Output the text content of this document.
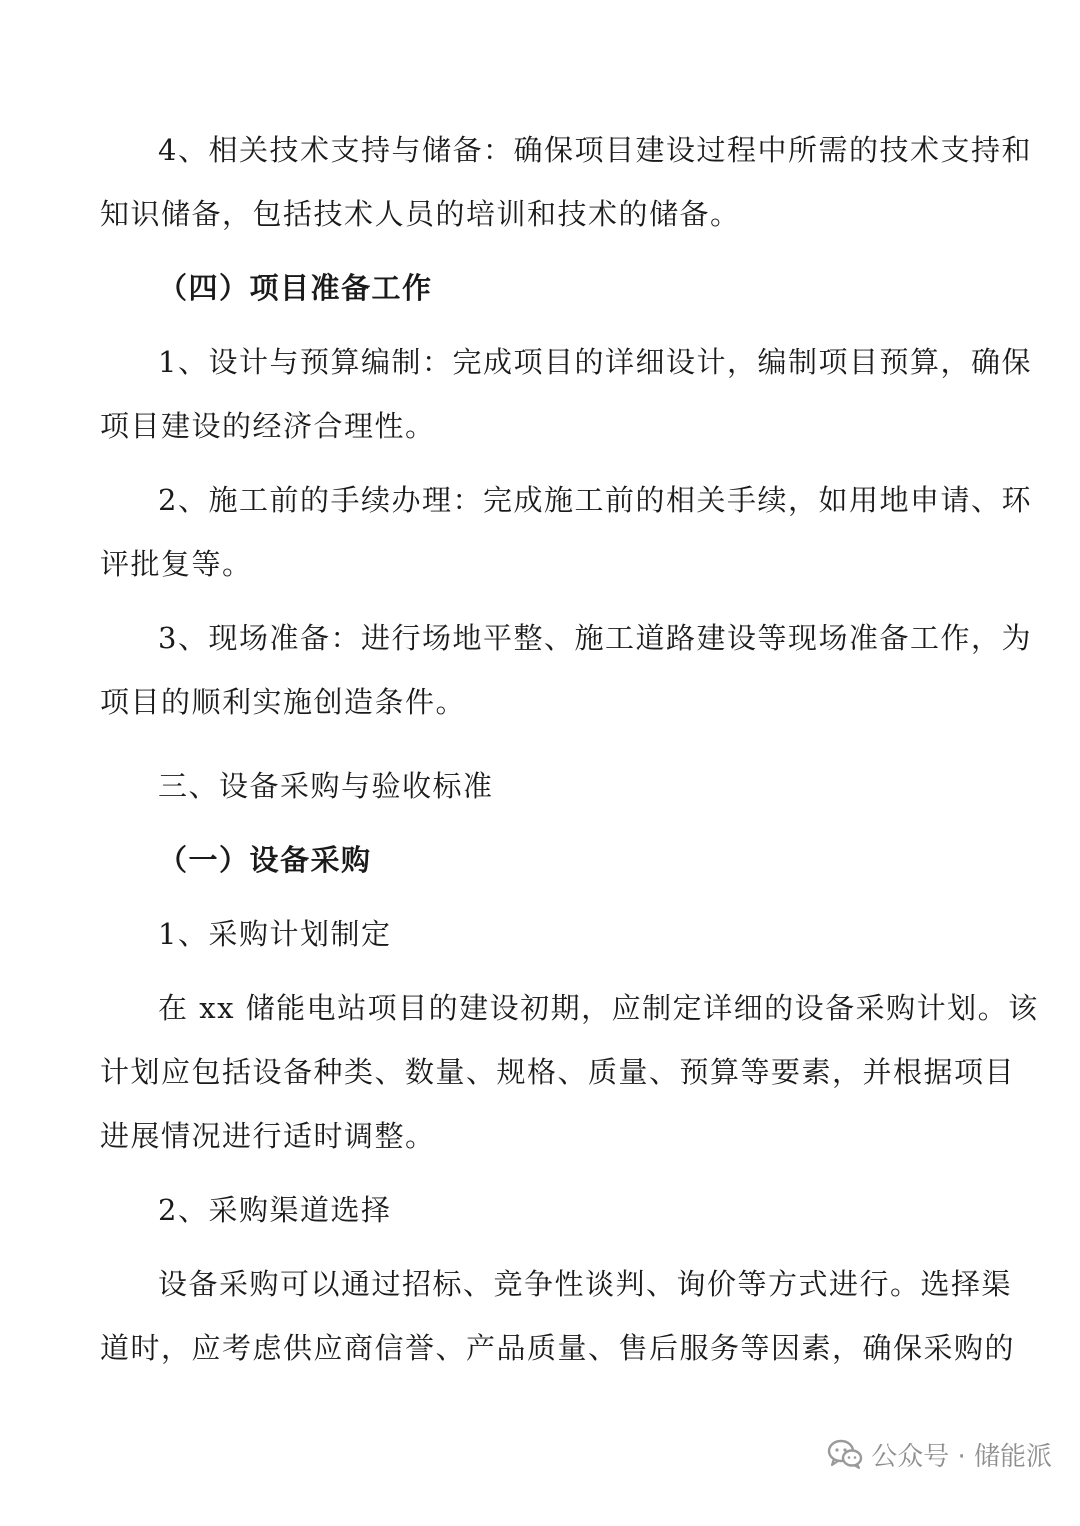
4、相关技术支持与储备：确保项目建设过程中所需的技术支持和
知识储备，包括技术人员的培训和技术的储备。
（四）项目准备工作
1、设计与预算编制：完成项目的详细设计，编制项目预算，确保
项目建设的经济合理性。
2、施工前的手续办理：完成施工前的相关手续，如用地申请、环
评批复等。
3、现场准备：进行场地平整、施工道路建设等现场准备工作，为
项目的顺利实施创造条件。
三、设备采购与验收标准
（一）设备采购
1、采购计划制定
在 xx 储能电站项目的建设初期，应制定详细的设备采购计划。该
计划应包括设备种类、数量、规格、质量、预算等要素，并根据项目
进展情况进行适时调整。
2、采购渠道选择
设备采购可以通过招标、竞争性谈判、询价等方式进行。选择渠
道时，应考虑供应商信誉、产品质量、售后服务等因素，确保采购的
公众号 · 储能派
